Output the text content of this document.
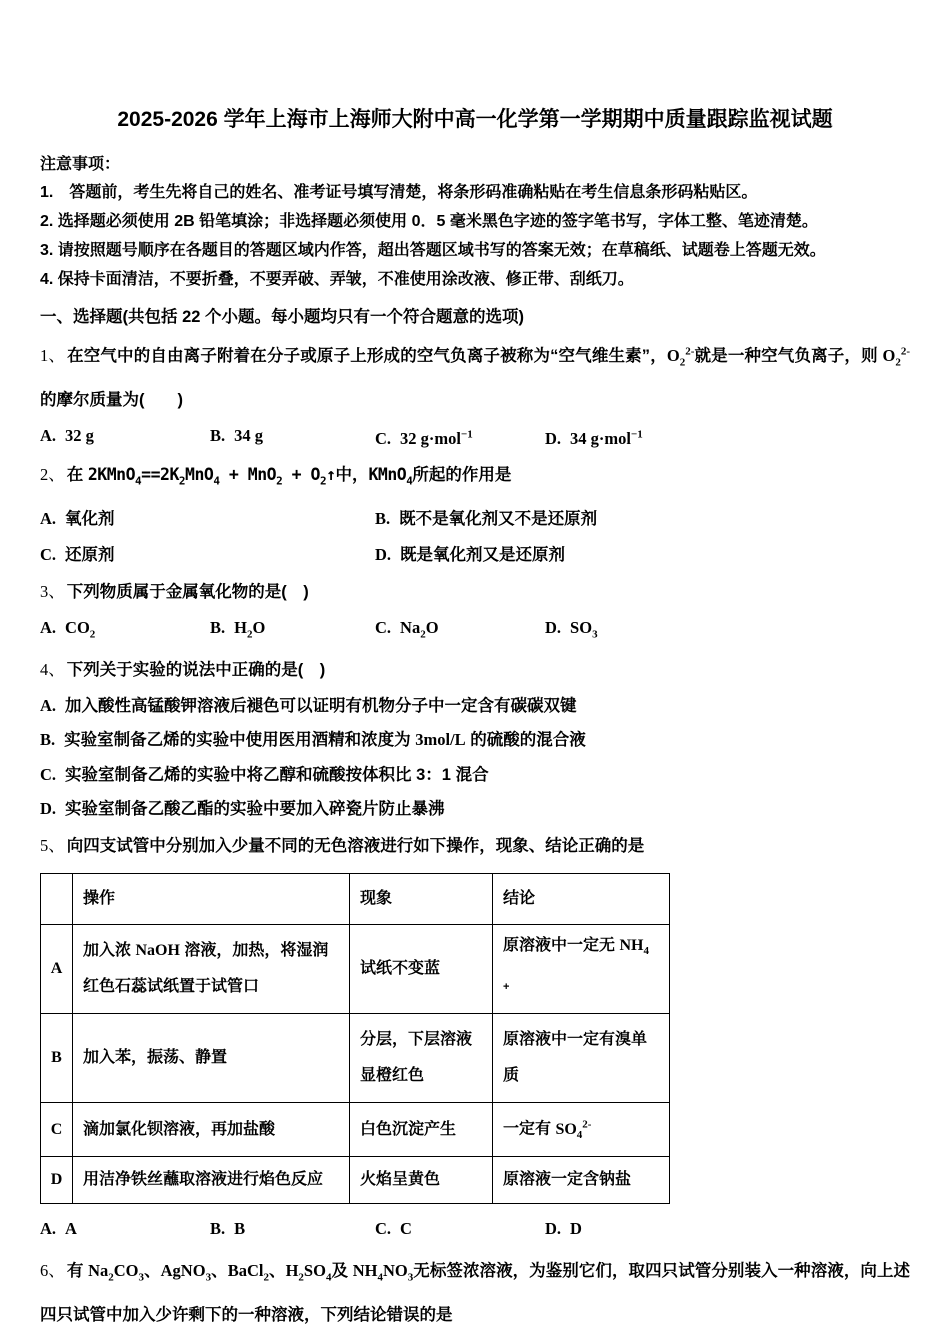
2025-2026 学年上海市上海师大附中高一化学第一学期期中质量跟踪监视试题
注意事项：
1.　答题前，考生先将自己的姓名、准考证号填写清楚，将条形码准确粘贴在考生信息条形码粘贴区。
2. 选择题必须使用 2B 铅笔填涂；非选择题必须使用 0．5 毫米黑色字迹的签字笔书写，字体工整、笔迹清楚。
3. 请按照题号顺序在各题目的答题区域内作答，超出答题区域书写的答案无效；在草稿纸、试题卷上答题无效。
4. 保持卡面清洁，不要折叠，不要弄破、弄皱，不准使用涂改液、修正带、刮纸刀。
一、选择题(共包括 22 个小题。每小题均只有一个符合题意的选项)
1、 在空气中的自由离子附着在分子或原子上形成的空气负离子被称为“空气维生素”，$O_2^{2-}$就是一种空气负离子，则 $O_2^{2-}$的摩尔质量为(　　)
A. 32 g	B. 34 g	C. 32 g·mol$^{-1}$	D. 34 g·mol$^{-1}$
2、 在 $2KMnO_4==2K_2MnO_4 + MnO_2$ + $O_2↑$中，KMnO$_4$所起的作用是
A. 氧化剂	B. 既不是氧化剂又不是还原剂
C. 还原剂	D. 既是氧化剂又是还原剂
3、 下列物质属于金属氧化物的是(　)
A. $CO_2$	B. $H_2O$	C. $Na_2O$	D. $SO_3$
4、 下列关于实验的说法中正确的是(　)
A. 加入酸性高锰酸钾溶液后褪色可以证明有机物分子中一定含有碳碳双键
B. 实验室制备乙烯的实验中使用医用酒精和浓度为 3mol/L 的硫酸的混合液
C. 实验室制备乙烯的实验中将乙醇和硫酸按体积比 3：1 混合
D. 实验室制备乙酸乙酯的实验中要加入碎瓷片防止暴沸
5、 向四支试管中分别加入少量不同的无色溶液进行如下操作，现象、结论正确的是
	操作	现象	结论
A	加入浓 NaOH 溶液，加热，将湿润红色石蕊试纸置于试管口	试纸不变蓝	原溶液中一定无 $NH_4$ +
B	加入苯，振荡、静置	分层，下层溶液显橙红色	原溶液中一定有溴单质
C	滴加氯化钡溶液，再加盐酸	白色沉淀产生	一定有 $SO_4^{2-}$
D	用洁净铁丝蘸取溶液进行焰色反应	火焰呈黄色	原溶液一定含钠盐
A. A	B. B	C. C	D. D
6、 有 $Na_2CO_3$、AgNO$_3$、BaCl$_2$、$H_2SO_4$及 $NH_4NO_3$无标签浓溶液，为鉴别它们，取四只试管分别装入一种溶液，向上述四只试管中加入少许剩下的一种溶液，下列结论错误的是
